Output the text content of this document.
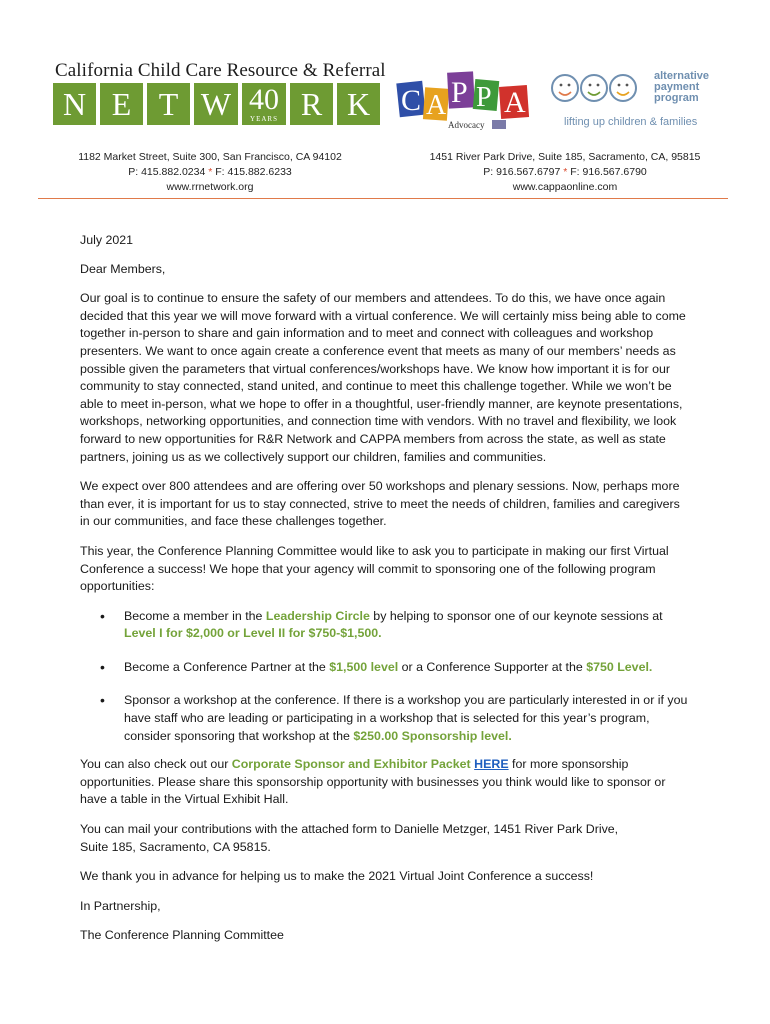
California Child Care Resource & Referral
N E T W 40
YEARS R K	C A P P A
Advocacy
alternative
payment
program
lifting up children & families
1182 Market Street, Suite 300, San Francisco, CA 94102
P: 415.882.0234 * F: 415.882.6233
www.rrnetwork.org
1451 River Park Drive, Suite 185, Sacramento, CA, 95815
P: 916.567.6797 * F: 916.567.6790
www.cappaonline.com

July 2021

Dear Members,

Our goal is to continue to ensure the safety of our members and attendees. To do this, we have once again decided that this year we will move forward with a virtual conference. We will certainly miss being able to come together in-person to share and gain information and to meet and connect with colleagues and workshop presenters. We want to once again create a conference event that meets as many of our members’ needs as possible given the parameters that virtual conferences/workshops have. We know how important it is for our community to stay connected, stand united, and continue to meet this challenge together. While we won’t be able to meet in-person, what we hope to offer in a thoughtful, user-friendly manner, are keynote presentations, workshops, networking opportunities, and connection time with vendors. With no travel and flexibility, we look forward to new opportunities for R&R Network and CAPPA members from across the state, as well as state partners, joining us as we collectively support our children, families and communities.

We expect over 800 attendees and are offering over 50 workshops and plenary sessions. Now, perhaps more than ever, it is important for us to stay connected, strive to meet the needs of children, families and caregivers in our communities, and face these challenges together.

This year, the Conference Planning Committee would like to ask you to participate in making our first Virtual Conference a success! We hope that your agency will commit to sponsoring one of the following program opportunities:

• Become a member in the Leadership Circle by helping to sponsor one of our keynote sessions at
Level I for $2,000 or Level II for $750-$1,500.
• Become a Conference Partner at the $1,500 level or a Conference Supporter at the $750 Level.
• Sponsor a workshop at the conference. If there is a workshop you are particularly interested in or if you have staff who are leading or participating in a workshop that is selected for this year’s program, consider sponsoring that workshop at the $250.00 Sponsorship level.

You can also check out our Corporate Sponsor and Exhibitor Packet HERE for more sponsorship opportunities. Please share this sponsorship opportunity with businesses you think would like to sponsor or have a table in the Virtual Exhibit Hall.

You can mail your contributions with the attached form to Danielle Metzger, 1451 River Park Drive,
Suite 185, Sacramento, CA 95815.

We thank you in advance for helping us to make the 2021 Virtual Joint Conference a success!

In Partnership,

The Conference Planning Committee
